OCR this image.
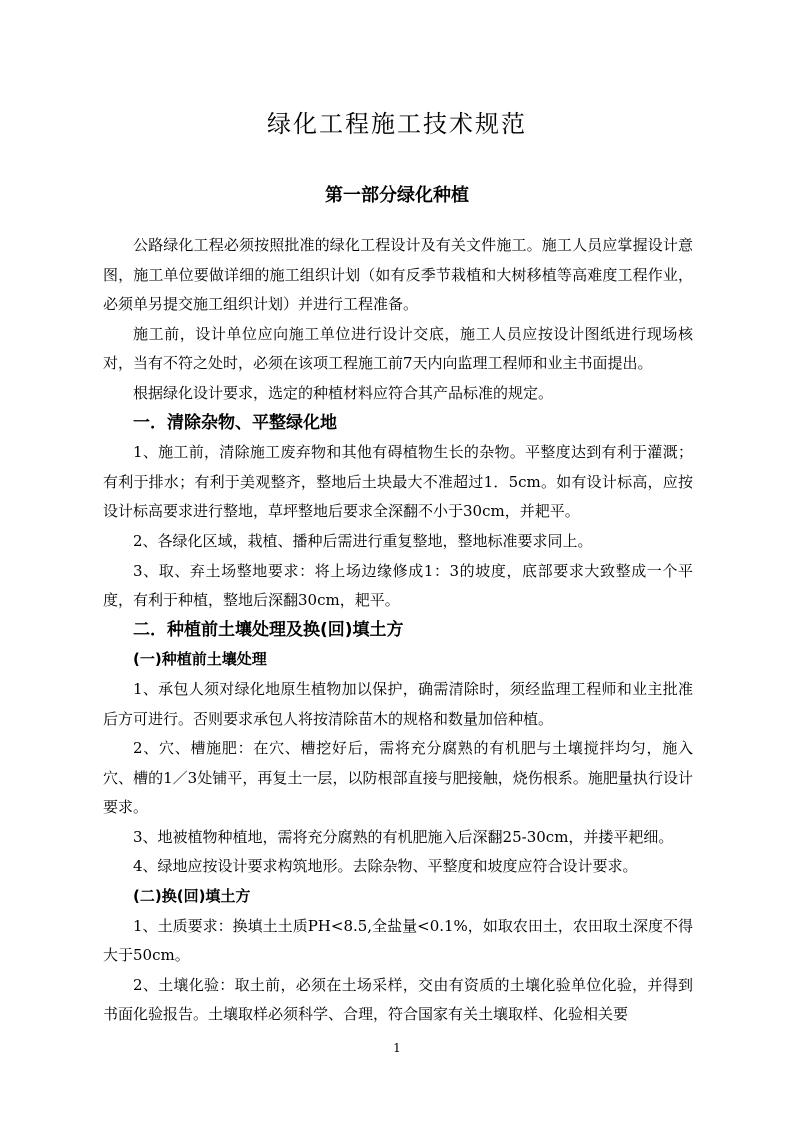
绿化工程施工技术规范
第一部分绿化种植

公路绿化工程必须按照批准的绿化工程设计及有关文件施工。施工人员应掌握设计意图，施工单位要做详细的施工组织计划（如有反季节栽植和大树移植等高难度工程作业，必须单另提交施工组织计划）并进行工程准备。

施工前，设计单位应向施工单位进行设计交底，施工人员应按设计图纸进行现场核对，当有不符之处时，必须在该项工程施工前7天内向监理工程师和业主书面提出。

根据绿化设计要求，选定的种植材料应符合其产品标准的规定。

一．清除杂物、平整绿化地

1、施工前，清除施工废弃物和其他有碍植物生长的杂物。平整度达到有利于灌溉；有利于排水；有利于美观整齐，整地后土块最大不准超过1．5cm。如有设计标高，应按设计标高要求进行整地，草坪整地后要求全深翻不小于30cm，并耙平。

2、各绿化区域，栽植、播种后需进行重复整地，整地标准要求同上。

3、取、弃土场整地要求：将上场边缘修成1：3的坡度，底部要求大致整成一个平度，有利于种植，整地后深翻30cm，耙平。

二．种植前土壤处理及换(回)填土方

(一)种植前土壤处理

1、承包人须对绿化地原生植物加以保护，确需清除时，须经监理工程师和业主批准后方可进行。否则要求承包人将按清除苗木的规格和数量加倍种植。

2、穴、槽施肥：在穴、槽挖好后，需将充分腐熟的有机肥与土壤搅拌均匀，施入穴、槽的1／3处铺平，再复土一层，以防根部直接与肥接触，烧伤根系。施肥量执行设计要求。

3、地被植物种植地，需将充分腐熟的有机肥施入后深翻25-30cm，并搂平耙细。

4、绿地应按设计要求构筑地形。去除杂物、平整度和坡度应符合设计要求。

(二)换(回)填土方

1、土质要求：换填土土质PH<8.5,全盐量<0.1%，如取农田土，农田取土深度不得大于50cm。

2、土壤化验：取土前，必须在土场采样，交由有资质的土壤化验单位化验，并得到书面化验报告。土壤取样必须科学、合理，符合国家有关土壤取样、化验相关要

1
